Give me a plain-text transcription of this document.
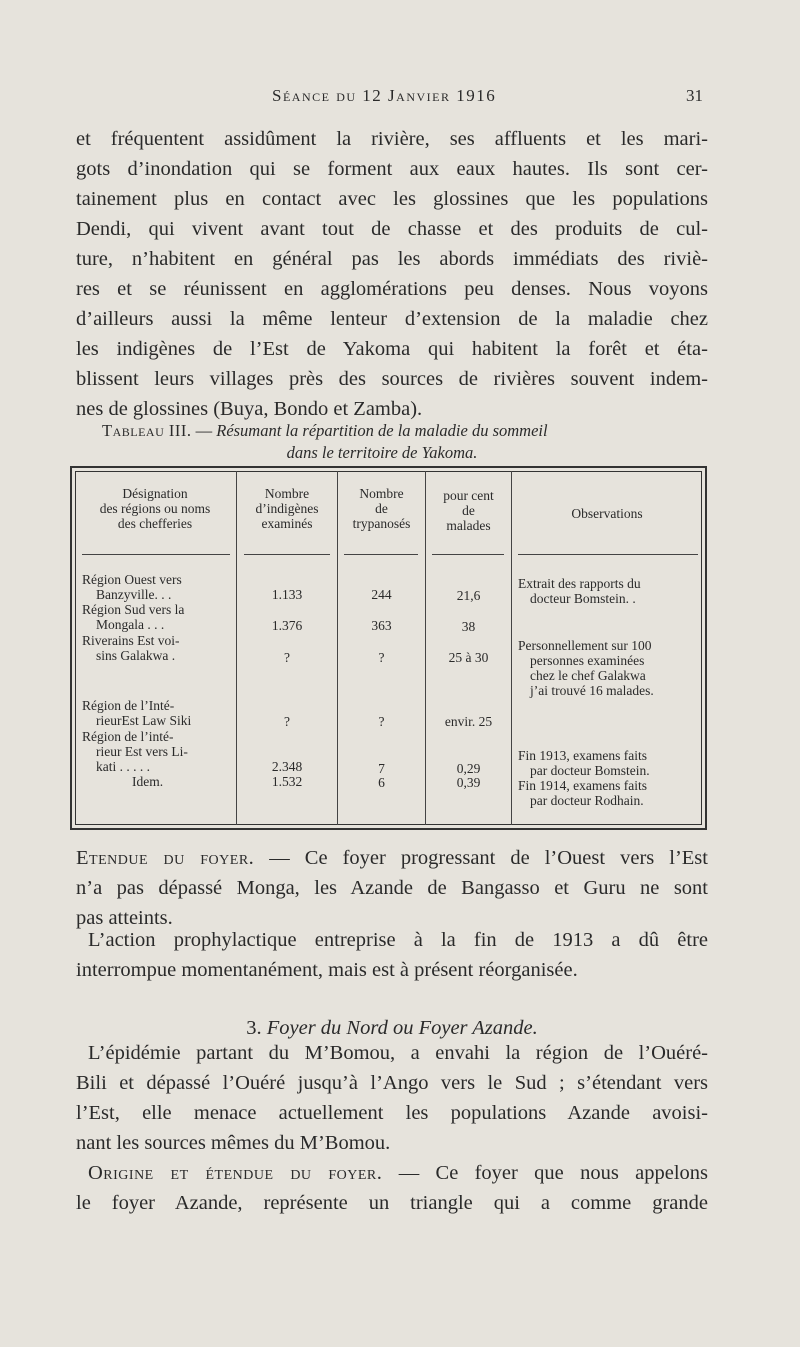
Séance du 12 Janvier 1916	31
et fréquentent assidûment la rivière, ses affluents et les mari-
gots d’inondation qui se forment aux eaux hautes. Ils sont cer-
tainement plus en contact avec les glossines que les populations
Dendi, qui vivent avant tout de chasse et des produits de cul-
ture, n’habitent en général pas les abords immédiats des riviè-
res et se réunissent en agglomérations peu denses. Nous voyons
d’ailleurs aussi la même lenteur d’extension de la maladie chez
les indigènes de l’Est de Yakoma qui habitent la forêt et éta-
blissent leurs villages près des sources de rivières souvent indem-
nes de glossines (Buya, Bondo et Zamba).
Tableau III. — Résumant la répartition de la maladie du sommeil
dans le territoire de Yakoma.
Désignation
des régions ou noms
des chefferies
Nombre
d’indigènes
examinés
Nombre
de
trypanosés
pour cent
de
malades
Observations
Région Ouest vers
Banzyville. . .
Région Sud vers la
Mongala . . .
Riverains Est voi-
sins Galakwa .
Région de l’Inté-
rieurEst Law Siki
Région de l’inté-
rieur Est vers Li-
kati . . . . .
Idem.
1.133
1.376
?
?
2.348
1.532
244
363
?
?
7
6
21,6
38
25 à 30
envir. 25
0,29
0,39
Extrait des rapports du
docteur Bomstein. .
Personnellement sur 100
personnes examinées
chez le chef Galakwa
j’ai trouvé 16 malades.
Fin 1913, examens faits
par docteur Bomstein.
Fin 1914, examens faits
par docteur Rodhain.
Etendue du foyer. — Ce foyer progressant de l’Ouest vers l’Est
n’a pas dépassé Monga, les Azande de Bangasso et Guru ne sont
pas atteints.
L’action prophylactique entreprise à la fin de 1913 a dû être
interrompue momentanément, mais est à présent réorganisée.
3. Foyer du Nord ou Foyer Azande.
L’épidémie partant du M’Bomou, a envahi la région de l’Ouéré-
Bili et dépassé l’Ouéré jusqu’à l’Ango vers le Sud ; s’étendant vers
l’Est, elle menace actuellement les populations Azande avoisi-
nant les sources mêmes du M’Bomou.
Origine et étendue du foyer. — Ce foyer que nous appelons
le foyer Azande, représente un triangle qui a comme grande
